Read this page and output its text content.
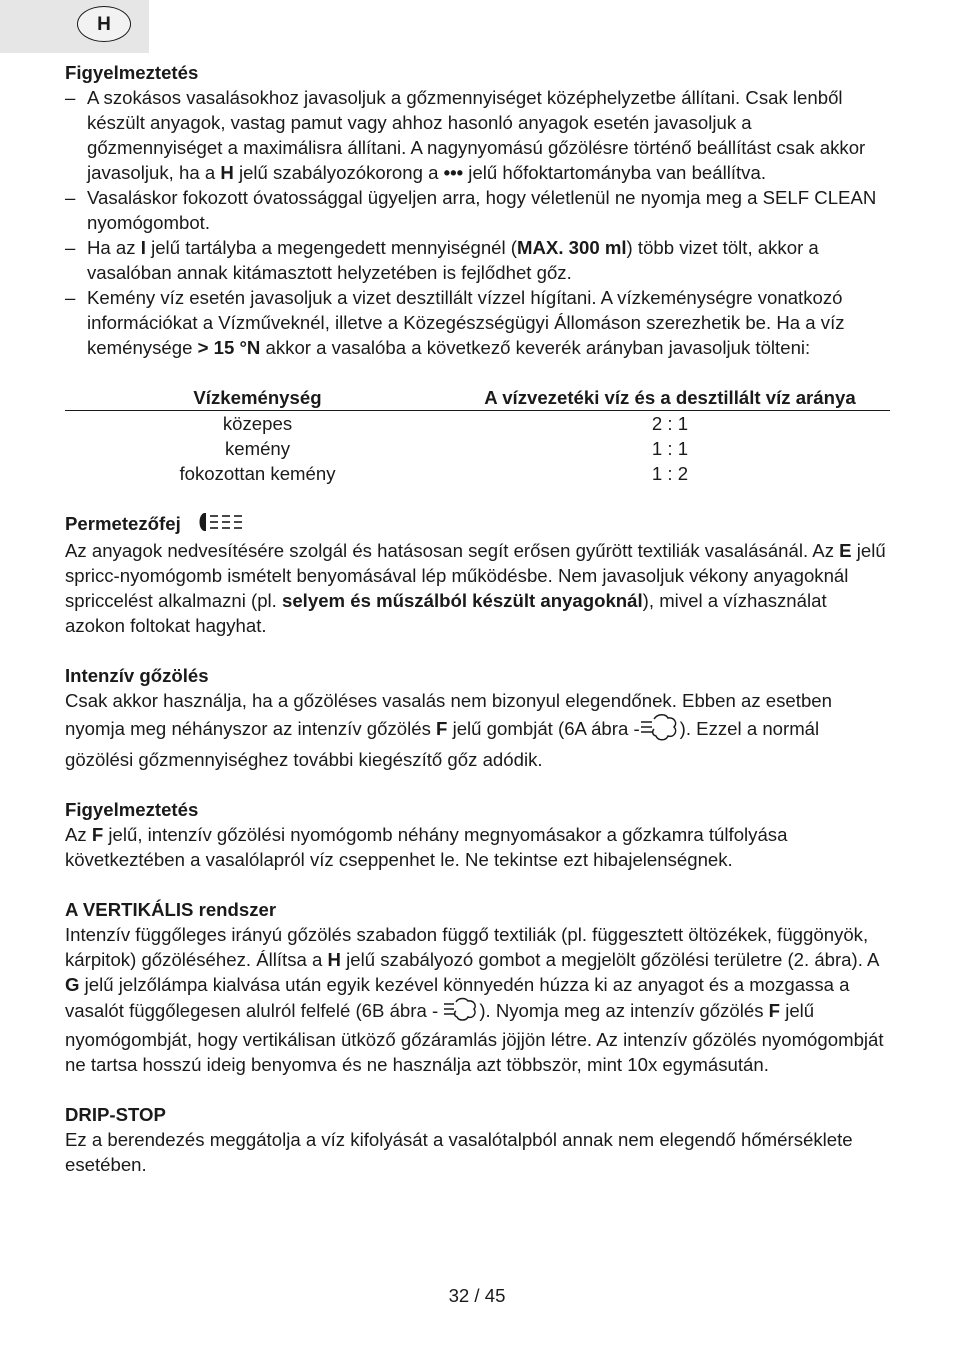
H
Figyelmeztetés
– A szokásos vasalásokhoz javasoljuk a gőzmennyiséget középhelyzetbe állítani. Csak lenből készült anyagok, vastag pamut vagy ahhoz hasonló anyagok esetén javasoljuk a gőzmennyiséget a maximálisra állítani. A nagynyomású gőzölésre történő beállítást csak akkor javasoljuk, ha a H jelű szabályozókorong a ••• jelű hőfoktartományba van beállítva.
– Vasaláskor fokozott óvatossággal ügyeljen arra, hogy véletlenül ne nyomja meg a SELF CLEAN nyomógombot.
– Ha az I jelű tartályba a megengedett mennyiségnél (MAX. 300 ml) több vizet tölt, akkor a vasalóban annak kitámasztott helyzetében is fejlődhet gőz.
– Kemény víz esetén javasoljuk a vizet desztillált vízzel hígítani. A vízkeménységre vonatkozó információkat a Vízműveknél, illetve a Közegészségügyi Állomáson szerezhetik be. Ha a víz keménysége > 15 °N akkor a vasalóba a következő keverék arányban javasoljuk tölteni:
Vízkeménység	A vízvezetéki víz és a desztillált víz aránya
közepes	2 : 1
kemény	1 : 1
fokozottan kemény	1 : 2
Permetezőfej

Az anyagok nedvesítésére szolgál és hatásosan segít erősen gyűrött textiliák vasalásánál. Az E jelű spricc-nyomógomb ismételt benyomásával lép működésbe. Nem javasoljuk vékony anyagoknál spriccelést alkalmazni (pl. selyem és műszálból készült anyagoknál), mivel a vízhasználat azokon foltokat hagyhat.

Intenzív gőzölés

Csak akkor használja, ha a gőzöléses vasalás nem bizonyul elegendőnek. Ebben az esetben nyomja meg néhányszor az intenzív gőzölés F jelű gombját (6A ábra - ). Ezzel a normál gözölési gőzmennyiséghez további kiegészítő gőz adódik.

Figyelmeztetés

Az F jelű, intenzív gőzölési nyomógomb néhány megnyomásakor a gőzkamra túlfolyása következtében a vasalólapról víz cseppenhet le. Ne tekintse ezt hibajelenségnek.

A VERTIKÁLIS rendszer

Intenzív függőleges irányú gőzölés szabadon függő textiliák (pl. függesztett öltözékek, függönyök, kárpitok) gőzöléséhez. Állítsa a H jelű szabályozó gombot a megjelölt gőzölési területre (2. ábra). A G jelű jelzőlámpa kialvása után egyik kezével könnyedén húzza ki az anyagot és a mozgassa a vasalót függőlegesen alulról felfelé (6B ábra - ). Nyomja meg az intenzív gőzölés F jelű nyomógombját, hogy vertikálisan ütköző gőzáramlás jöjjön létre. Az intenzív gőzölés nyomógombját ne tartsa hosszú ideig benyomva és ne használja azt többször, mint 10x egymásután.

DRIP-STOP

Ez a berendezés meggátolja a víz kifolyását a vasalótalpból annak nem elegendő hőmérséklete esetében.

32 / 45
